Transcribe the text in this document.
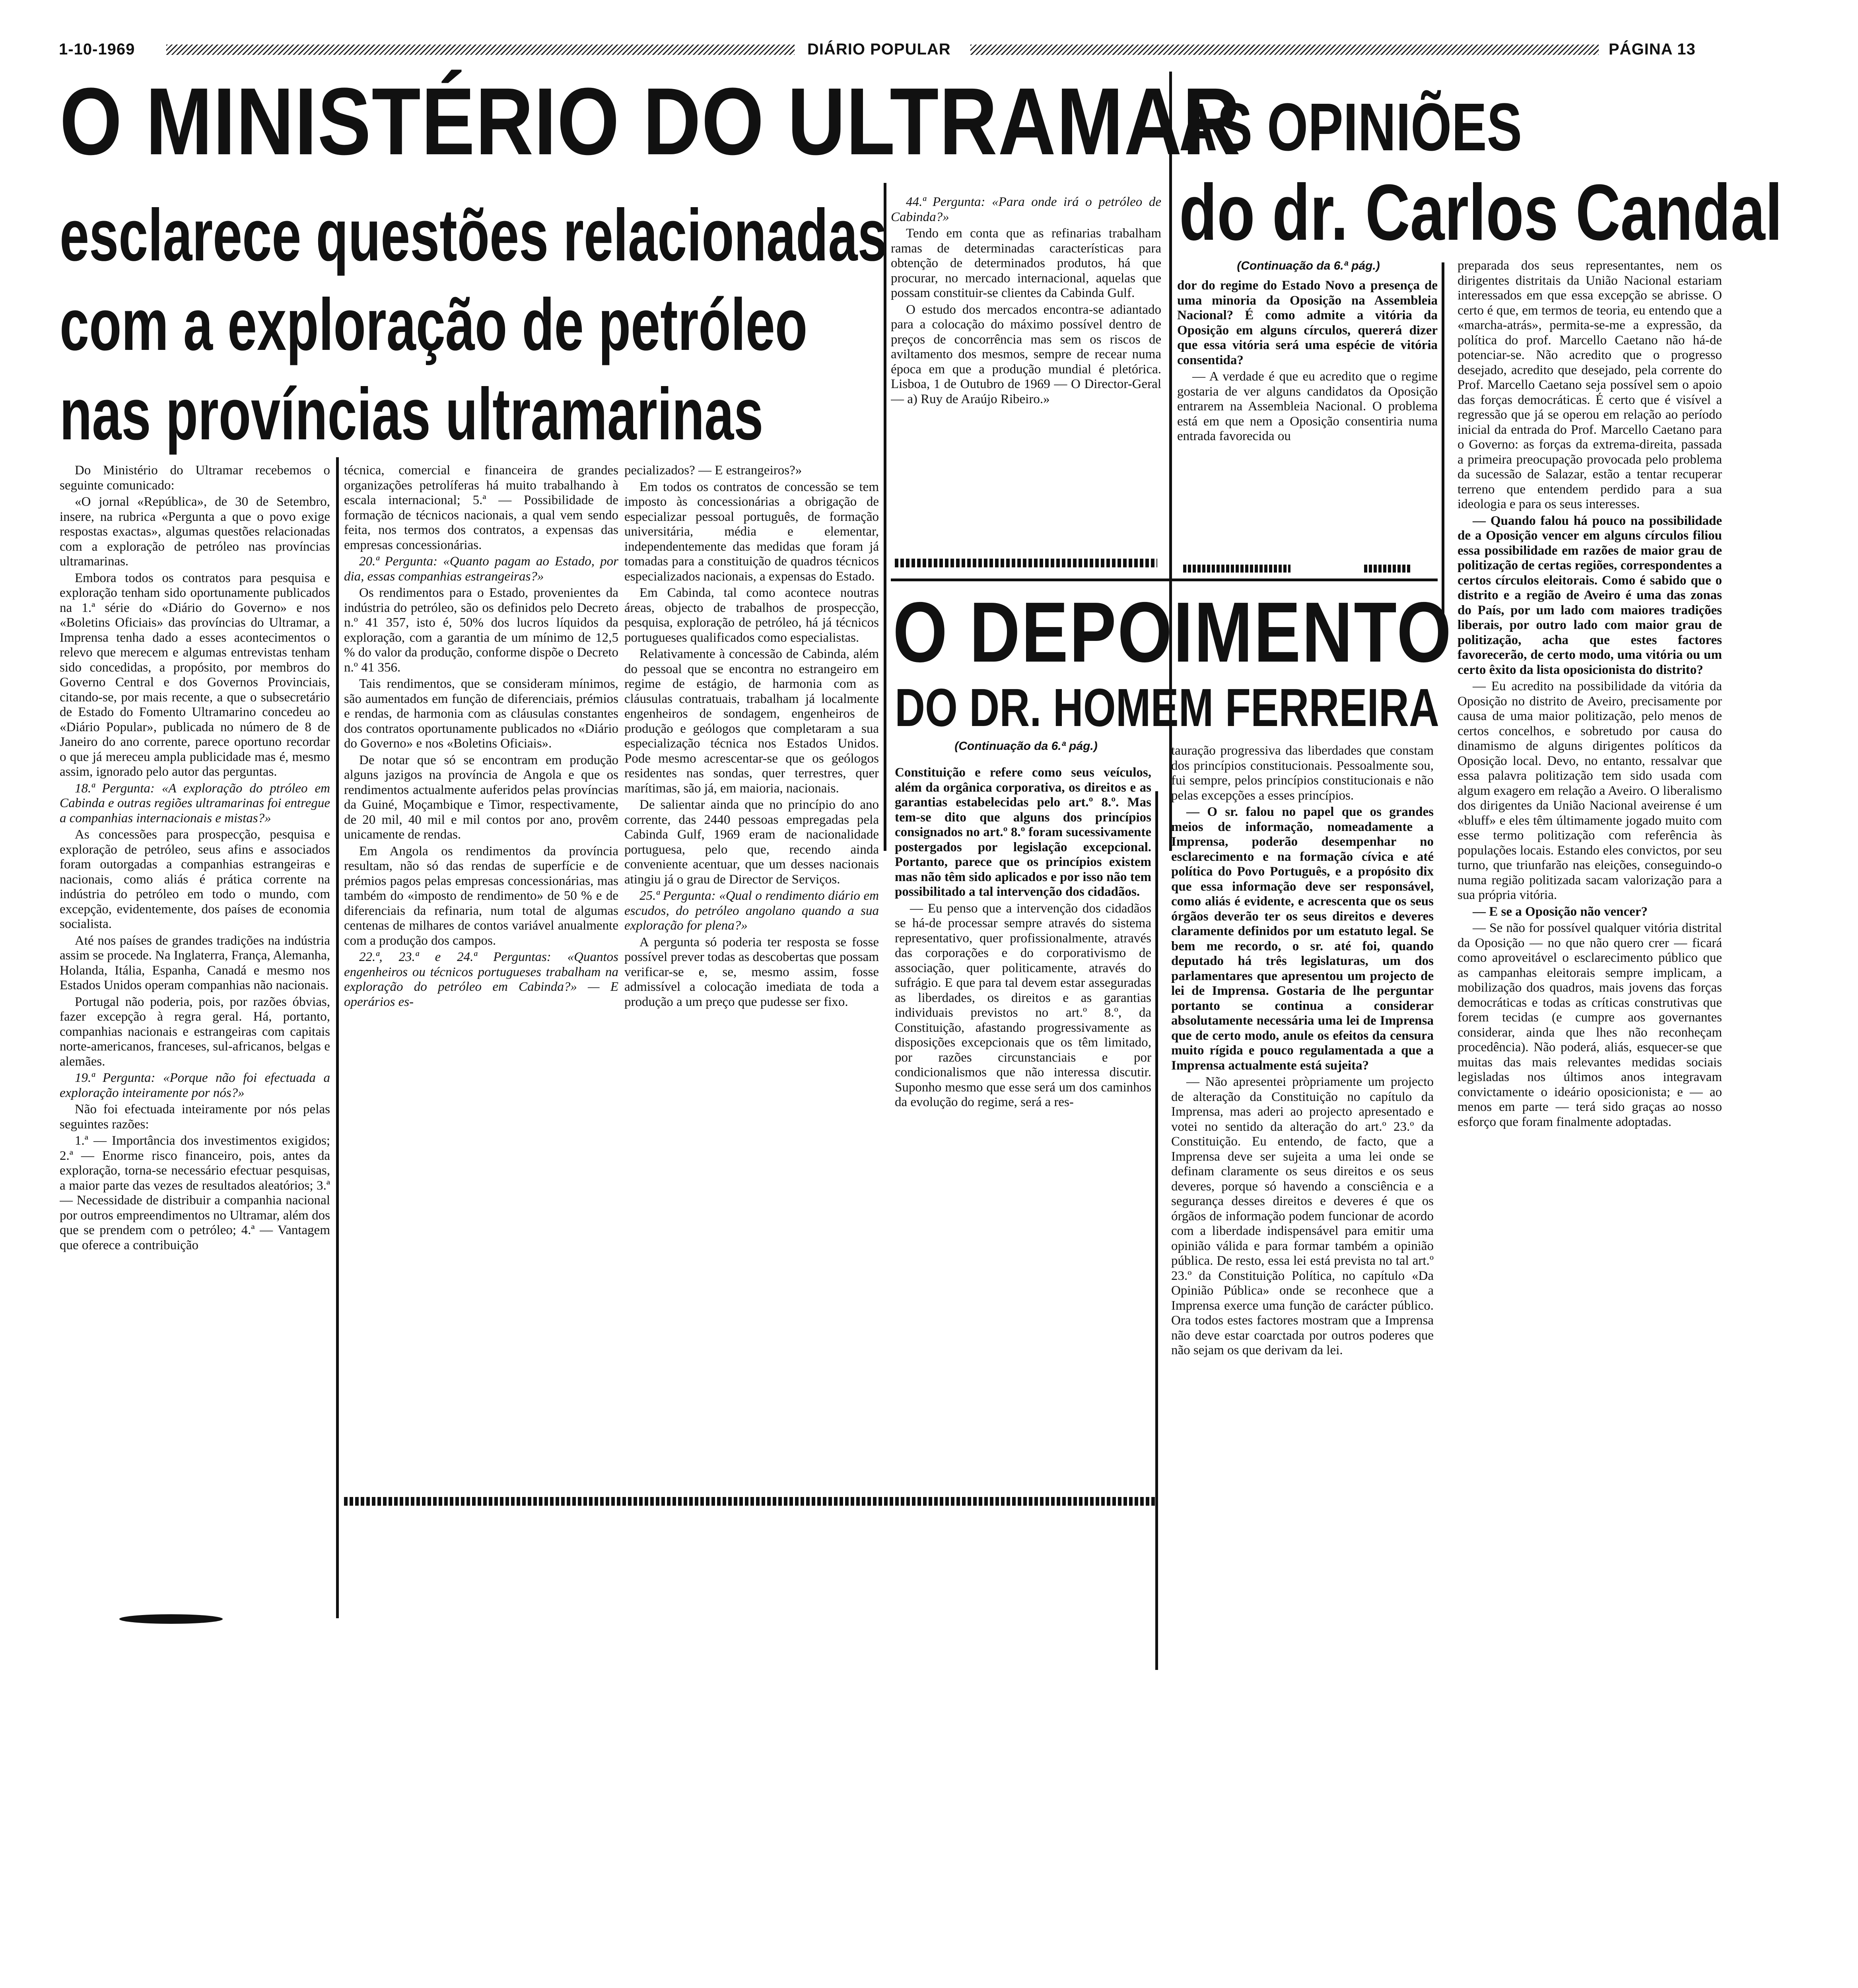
1-10-1969	DIÁRIO POPULAR	PÁGINA 13
O MINISTÉRIO DO ULTRAMAR
esclarece questões relacionadas
com a exploração de petróleo
nas províncias ultramarinas

Do Ministério do Ultramar recebemos o seguinte comunicado:

«O jornal «República», de 30 de Setembro, insere, na rubrica «Pergunta a que o povo exige respostas exactas», algumas questões relacionadas com a exploração de petróleo nas províncias ultramarinas.

Embora todos os contratos para pesquisa e exploração tenham sido oportunamente publicados na 1.ª série do «Diário do Governo» e nos «Boletins Oficiais» das províncias do Ultramar, a Imprensa tenha dado a esses acontecimentos o relevo que merecem e algumas entrevistas tenham sido concedidas, a propósito, por membros do Governo Central e dos Governos Provinciais, citando-se, por mais recente, a que o subsecretário de Estado do Fomento Ultramarino concedeu ao «Diário Popular», publicada no número de 8 de Janeiro do ano corrente, parece oportuno recordar o que já mereceu ampla publicidade mas é, mesmo assim, ignorado pelo autor das perguntas.

18.ª Pergunta: «A exploração do ptróleo em Cabinda e outras regiões ultramarinas foi entregue a companhias internacionais e mistas?»

As concessões para prospecção, pesquisa e exploração de petróleo, seus afins e associados foram outorgadas a companhias estrangeiras e nacionais, como aliás é prática corrente na indústria do petróleo em todo o mundo, com excepção, evidentemente, dos países de economia socialista.

Até nos países de grandes tradições na indústria assim se procede. Na Inglaterra, França, Alemanha, Holanda, Itália, Espanha, Canadá e mesmo nos Estados Unidos operam companhias não nacionais.

Portugal não poderia, pois, por razões óbvias, fazer excepção à regra geral. Há, portanto, companhias nacionais e estrangeiras com capitais norte-americanos, franceses, sul-africanos, belgas e alemães.

19.ª Pergunta: «Porque não foi efectuada a exploração inteiramente por nós?»

Não foi efectuada inteiramente por nós pelas seguintes razões:

1.ª — Importância dos investimentos exigidos; 2.ª — Enorme risco financeiro, pois, antes da exploração, torna-se necessário efectuar pesquisas, a maior parte das vezes de resultados aleatórios; 3.ª — Necessidade de distribuir a companhia nacional por outros empreendimentos no Ultramar, além dos que se prendem com o petróleo; 4.ª — Vantagem que oferece a contribuição

técnica, comercial e financeira de grandes organizações petrolíferas há muito trabalhando à escala internacional; 5.ª — Possibilidade de formação de técnicos nacionais, a qual vem sendo feita, nos termos dos contratos, a expensas das empresas concessionárias.

20.ª Pergunta: «Quanto pagam ao Estado, por dia, essas companhias estrangeiras?»

Os rendimentos para o Estado, provenientes da indústria do petróleo, são os definidos pelo Decreto n.º 41 357, isto é, 50% dos lucros líquidos da exploração, com a garantia de um mínimo de 12,5 % do valor da produção, conforme dispõe o Decreto n.º 41 356.

Tais rendimentos, que se consideram mínimos, são aumentados em função de diferenciais, prémios e rendas, de harmonia com as cláusulas constantes dos contratos oportunamente publicados no «Diário do Governo» e nos «Boletins Oficiais».

De notar que só se encontram em produção alguns jazigos na província de Angola e que os rendimentos actualmente auferidos pelas províncias da Guiné, Moçambique e Timor, respectivamente, de 20 mil, 40 mil e mil contos por ano, provêm unicamente de rendas.

Em Angola os rendimentos da província resultam, não só das rendas de superfície e de prémios pagos pelas empresas concessionárias, mas também do «imposto de rendimento» de 50 % e de diferenciais da refinaria, num total de algumas centenas de milhares de contos variável anualmente com a produção dos campos.

22.ª, 23.ª e 24.ª Perguntas: «Quantos engenheiros ou técnicos portugueses trabalham na exploração do petróleo em Cabinda?» — E operários es-

pecializados? — E estrangeiros?»

Em todos os contratos de concessão se tem imposto às concessionárias a obrigação de especializar pessoal português, de formação universitária, média e elementar, independentemente das medidas que foram já tomadas para a constituição de quadros técnicos especializados nacionais, a expensas do Estado.

Em Cabinda, tal como acontece noutras áreas, objecto de trabalhos de prospecção, pesquisa, exploração de petróleo, há já técnicos portugueses qualificados como especialistas.

Relativamente à concessão de Cabinda, além do pessoal que se encontra no estrangeiro em regime de estágio, de harmonia com as cláusulas contratuais, trabalham já localmente engenheiros de sondagem, engenheiros de produção e geólogos que completaram a sua especialização técnica nos Estados Unidos. Pode mesmo acrescentar-se que os geólogos residentes nas sondas, quer terrestres, quer marítimas, são já, em maioria, nacionais.

De salientar ainda que no princípio do ano corrente, das 2440 pessoas empregadas pela Cabinda Gulf, 1969 eram de nacionalidade portuguesa, pelo que, recendo ainda conveniente acentuar, que um desses nacionais atingiu já o grau de Director de Serviços.

25.ª Pergunta: «Qual o rendimento diário em escudos, do petróleo angolano quando a sua exploração for plena?»

A pergunta só poderia ter resposta se fosse possível prever todas as descobertas que possam verificar-se e, se, mesmo assim, fosse admissível a colocação imediata de toda a produção a um preço que pudesse ser fixo.

44.ª Pergunta: «Para onde irá o petróleo de Cabinda?»

Tendo em conta que as refinarias trabalham ramas de determinadas características para obtenção de determinados produtos, há que procurar, no mercado internacional, aquelas que possam constituir-se clientes da Cabinda Gulf.

O estudo dos mercados encontra-se adiantado para a colocação do máximo possível dentro de preços de concorrência mas sem os riscos de aviltamento dos mesmos, sempre de recear numa época em que a produção mundial é pletórica. Lisboa, 1 de Outubro de 1969 — O Director-Geral — a) Ruy de Araújo Ribeiro.»

AS OPINIÕES
do dr. Carlos Candal
(Continuação da 6.ª pág.)

dor do regime do Estado Novo a presença de uma minoria da Oposição na Assembleia Nacional? É como admite a vitória da Oposição em alguns círculos, quererá dizer que essa vitória será uma espécie de vitória consentida?

— A verdade é que eu acredito que o regime gostaria de ver alguns candidatos da Oposição entrarem na Assembleia Nacional. O problema está em que nem a Oposição consentiria numa entrada favorecida ou

preparada dos seus representantes, nem os dirigentes distritais da União Nacional estariam interessados em que essa excepção se abrisse. O certo é que, em termos de teoria, eu entendo que a «marcha-atrás», permita-se-me a expressão, da política do prof. Marcello Caetano não há-de potenciar-se. Não acredito que o progresso desejado, acredito que desejado, pela corrente do Prof. Marcello Caetano seja possível sem o apoio das forças democráticas. É certo que é visível a regressão que já se operou em relação ao período inicial da entrada do Prof. Marcello Caetano para o Governo: as forças da extrema-direita, passada a primeira preocupação provocada pelo problema da sucessão de Salazar, estão a tentar recuperar terreno que entendem perdido para a sua ideologia e para os seus interesses.

— Quando falou há pouco na possibilidade de a Oposição vencer em alguns círculos filiou essa possibilidade em razões de maior grau de politização de certas regiões, correspondentes a certos círculos eleitorais. Como é sabido que o distrito e a região de Aveiro é uma das zonas do País, por um lado com maiores tradições liberais, por outro lado com maior grau de politização, acha que estes factores favorecerão, de certo modo, uma vitória ou um certo êxito da lista oposicionista do distrito?

— Eu acredito na possibilidade da vitória da Oposição no distrito de Aveiro, precisamente por causa de uma maior politização, pelo menos de certos concelhos, e sobretudo por causa do dinamismo de alguns dirigentes políticos da Oposição local. Devo, no entanto, ressalvar que essa palavra politização tem sido usada com algum exagero em relação a Aveiro. O liberalismo dos dirigentes da União Nacional aveirense é um «bluff» e eles têm últimamente jogado muito com esse termo politização com referência às populações locais. Estando eles convictos, por seu turno, que triunfarão nas eleições, conseguindo-o numa região politizada sacam valorização para a sua própria vitória.

— E se a Oposição não vencer?

— Se não for possível qualquer vitória distrital da Oposição — no que não quero crer — ficará como aproveitável o esclarecimento público que as campanhas eleitorais sempre implicam, a mobilização dos quadros, mais jovens das forças democráticas e todas as críticas construtivas que forem tecidas (e cumpre aos governantes considerar, ainda que lhes não reconheçam procedência). Não poderá, aliás, esquecer-se que muitas das mais relevantes medidas sociais legisladas nos últimos anos integravam convictamente o ideário oposicionista; e — ao menos em parte — terá sido graças ao nosso esforço que foram finalmente adoptadas.

O DEPOIMENTO
DO DR. HOMEM FERREIRA
(Continuação da 6.ª pág.)

Constituição e refere como seus veículos, além da orgânica corporativa, os direitos e as garantias estabelecidas pelo art.º 8.º. Mas tem-se dito que alguns dos princípios consignados no art.º 8.º foram sucessivamente postergados por legislação excepcional. Portanto, parece que os princípios existem mas não têm sido aplicados e por isso não tem possibilitado a tal intervenção dos cidadãos.

— Eu penso que a intervenção dos cidadãos se há-de processar sempre através do sistema representativo, quer profissionalmente, através das corporações e do corporativismo de associação, quer politicamente, através do sufrágio. E que para tal devem estar asseguradas as liberdades, os direitos e as garantias individuais previstos no art.º 8.º, da Constituição, afastando progressivamente as disposições excepcionais que os têm limitado, por razões circunstanciais e por condicionalismos que não interessa discutir. Suponho mesmo que esse será um dos caminhos da evolução do regime, será a res-

tauração progressiva das liberdades que constam dos princípios constitucionais. Pessoalmente sou, fui sempre, pelos princípios constitucionais e não pelas excepções a esses princípios.

— O sr. falou no papel que os grandes meios de informação, nomeadamente a Imprensa, poderão desempenhar no esclarecimento e na formação cívica e até política do Povo Português, e a propósito dix que essa informação deve ser responsável, como aliás é evidente, e acrescenta que os seus órgãos deverão ter os seus direitos e deveres claramente definidos por um estatuto legal. Se bem me recordo, o sr. até foi, quando deputado há três legislaturas, um dos parlamentares que apresentou um projecto de lei de Imprensa. Gostaria de lhe perguntar portanto se continua a considerar absolutamente necessária uma lei de Imprensa que de certo modo, anule os efeitos da censura muito rígida e pouco regulamentada a que a Imprensa actualmente está sujeita?

— Não apresentei pròpriamente um projecto de alteração da Constituição no capítulo da Imprensa, mas aderi ao projecto apresentado e votei no sentido da alteração do art.º 23.º da Constituição. Eu entendo, de facto, que a Imprensa deve ser sujeita a uma lei onde se definam claramente os seus direitos e os seus deveres, porque só havendo a consciência e a segurança desses direitos e deveres é que os órgãos de informação podem funcionar de acordo com a liberdade indispensável para emitir uma opinião válida e para formar também a opinião pública. De resto, essa lei está prevista no tal art.º 23.º da Constituição Política, no capítulo «Da Opinião Pública» onde se reconhece que a Imprensa exerce uma função de carácter público. Ora todos estes factores mostram que a Imprensa não deve estar coarctada por outros poderes que não sejam os que derivam da lei.
